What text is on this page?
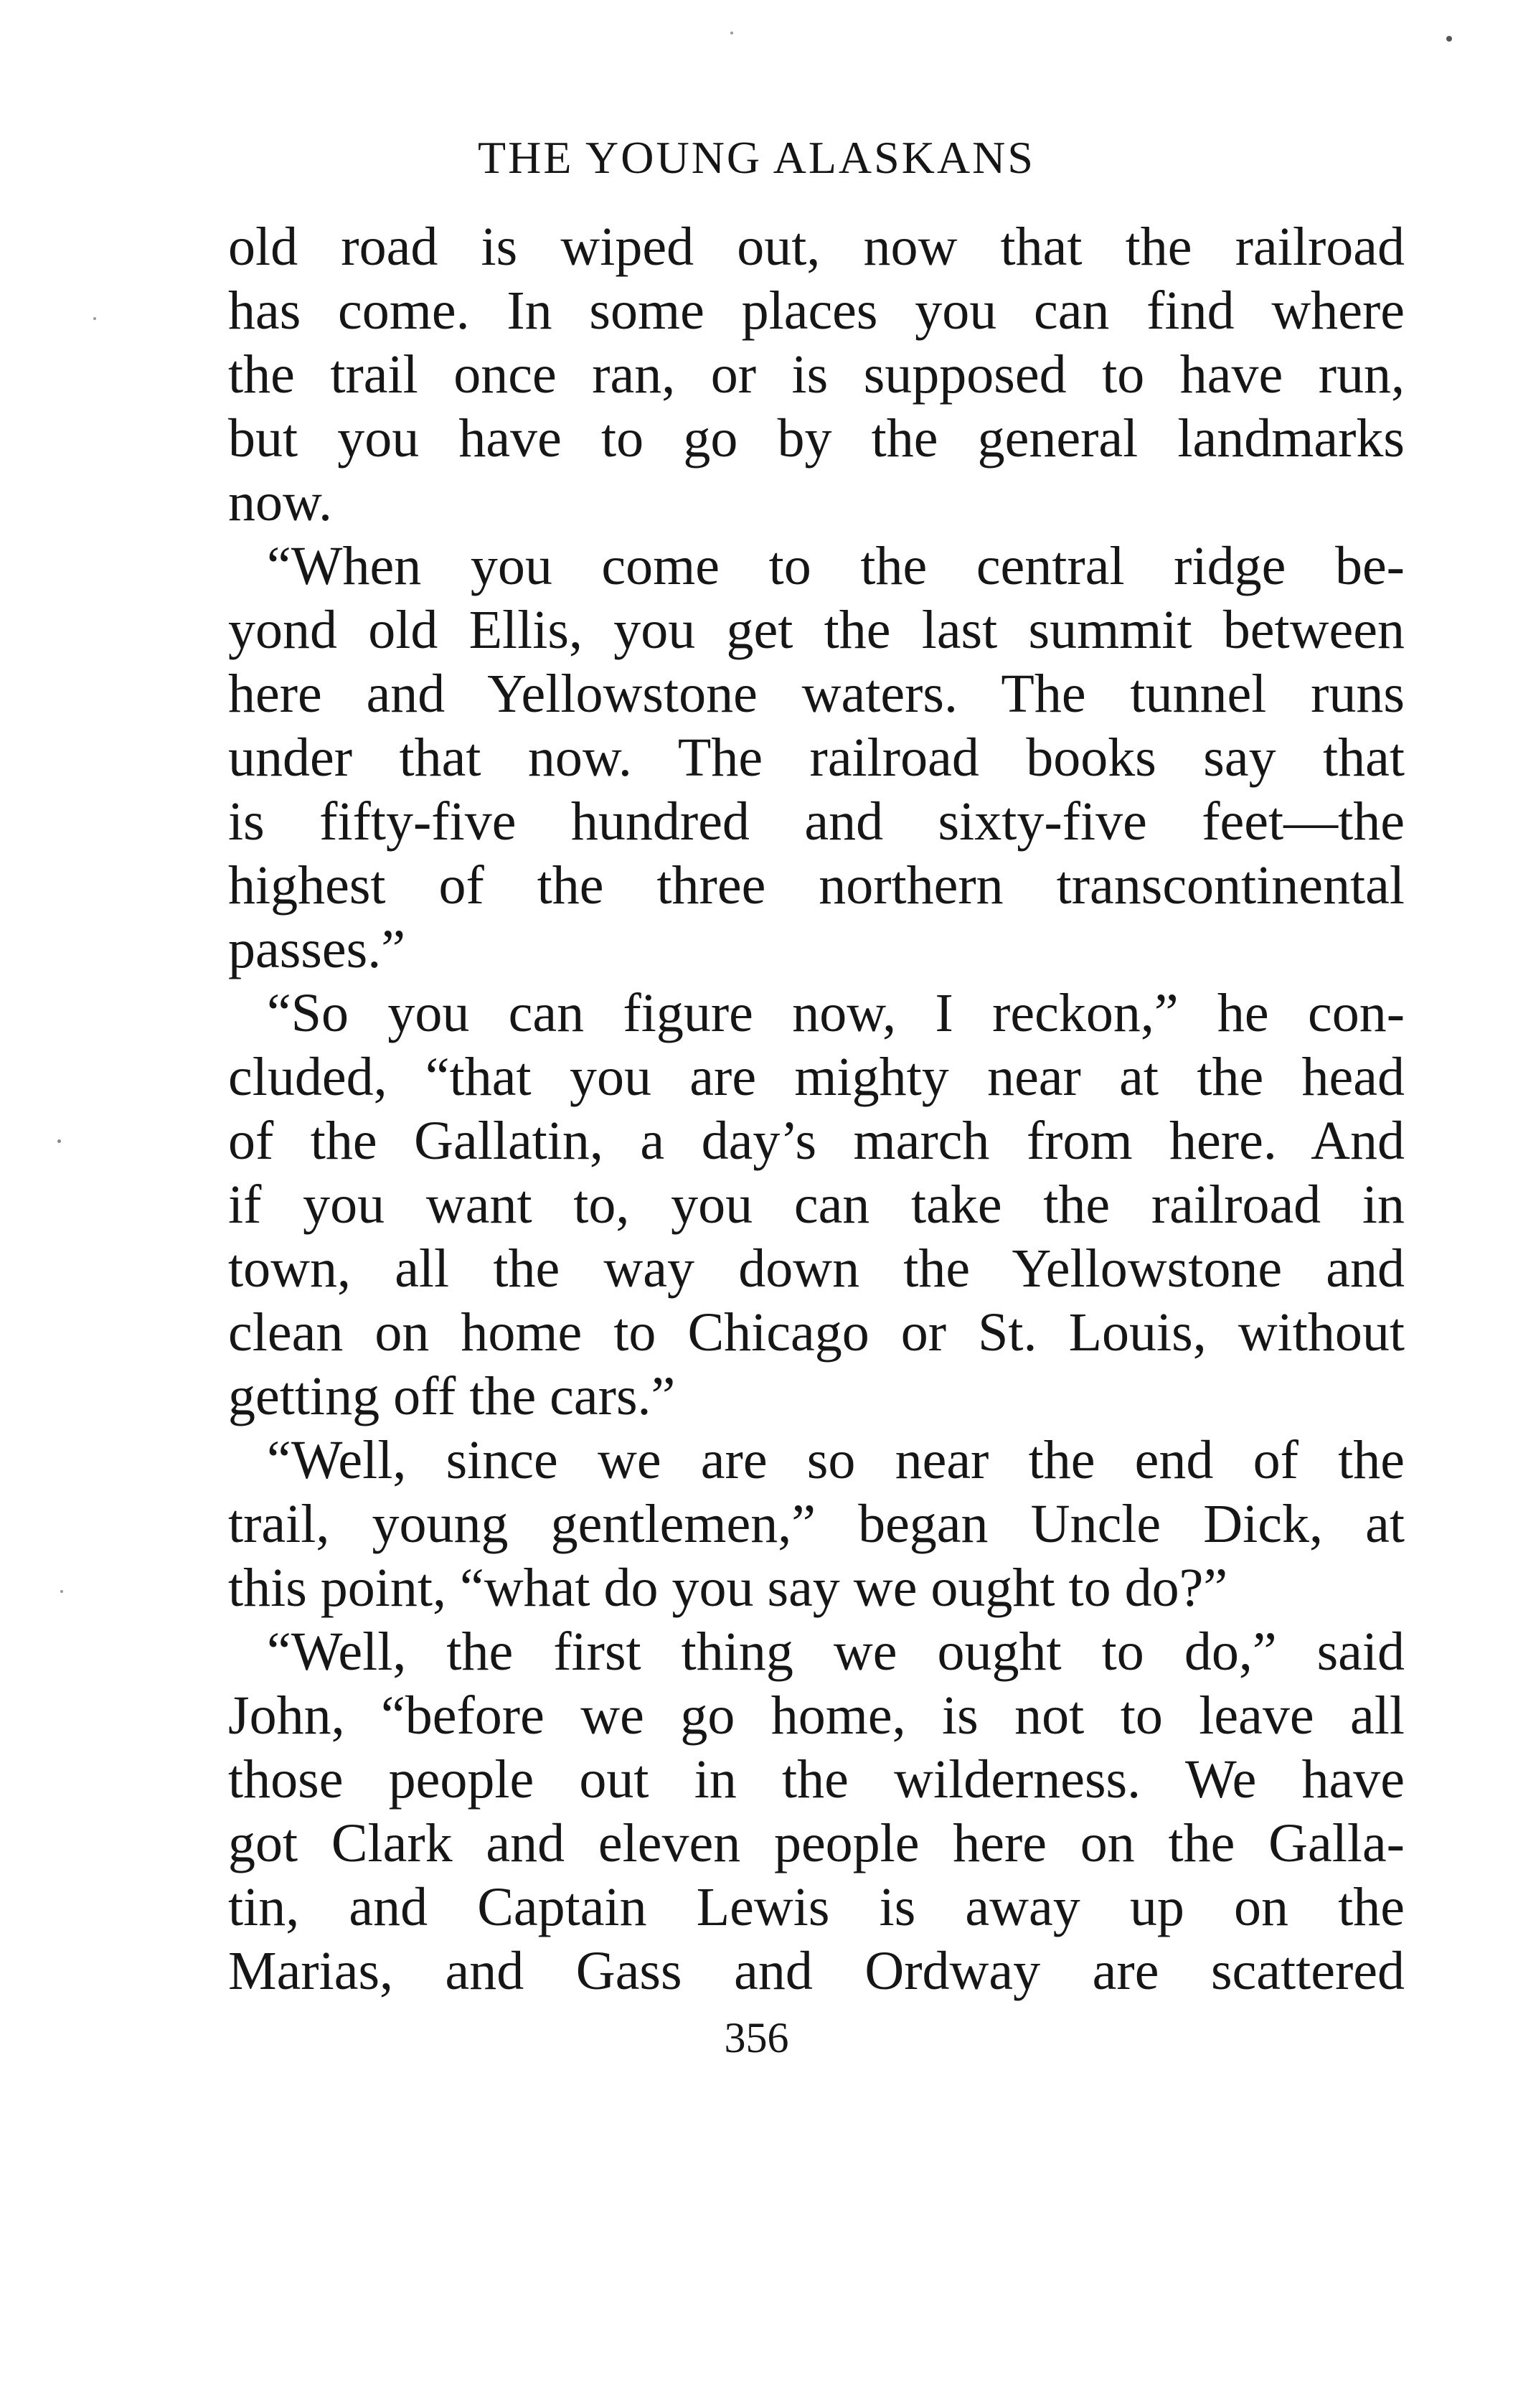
THE YOUNG ALASKANS
old road is wiped out, now that the railroad
has come. In some places you can find where
the trail once ran, or is supposed to have run,
but you have to go by the general landmarks
now.
“When you come to the central ridge be-
yond old Ellis, you get the last summit between
here and Yellowstone waters. The tunnel runs
under that now. The railroad books say that
is fifty-five hundred and sixty-five feet—the
highest of the three northern transcontinental
passes.”
“So you can figure now, I reckon,” he con-
cluded, “that you are mighty near at the head
of the Gallatin, a day’s march from here. And
if you want to, you can take the railroad in
town, all the way down the Yellowstone and
clean on home to Chicago or St. Louis, without
getting off the cars.”
“Well, since we are so near the end of the
trail, young gentlemen,” began Uncle Dick, at
this point, “what do you say we ought to do?”
“Well, the first thing we ought to do,” said
John, “before we go home, is not to leave all
those people out in the wilderness. We have
got Clark and eleven people here on the Galla-
tin, and Captain Lewis is away up on the
Marias, and Gass and Ordway are scattered
356
